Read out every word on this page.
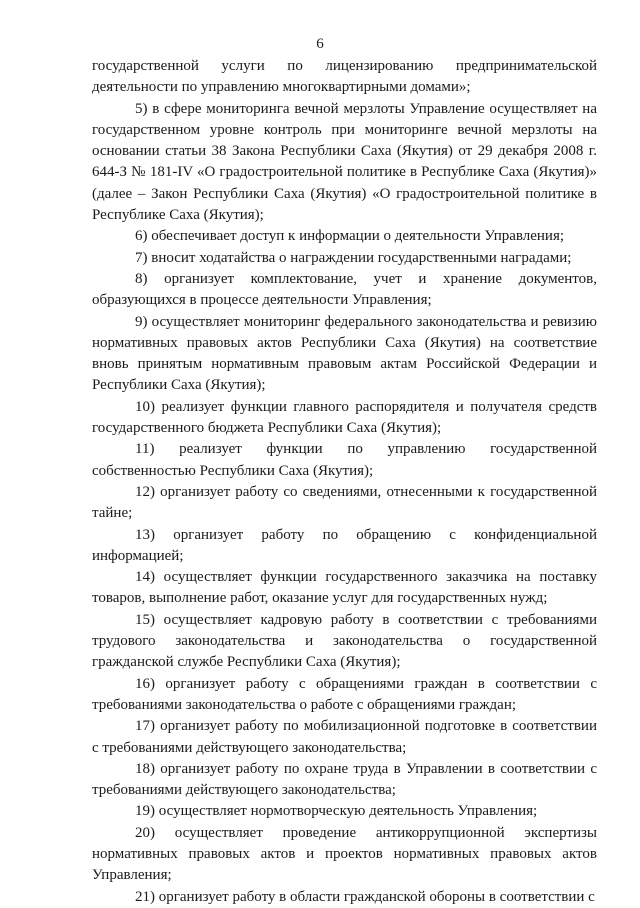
6

государственной услуги по лицензированию предпринимательской деятельности по управлению многоквартирными домами»;

5) в сфере мониторинга вечной мерзлоты Управление осуществляет на государственном уровне контроль при мониторинге вечной мерзлоты на основании статьи 38 Закона Республики Саха (Якутия) от 29 декабря 2008 г. 644-З № 181-IV «О градостроительной политике в Республике Саха (Якутия)» (далее – Закон Республики Саха (Якутия) «О градостроительной политике в Республике Саха (Якутия);

6) обеспечивает доступ к информации о деятельности Управления;

7) вносит ходатайства о награждении государственными наградами;

8) организует комплектование, учет и хранение документов, образующихся в процессе деятельности Управления;

9) осуществляет мониторинг федерального законодательства и ревизию нормативных правовых актов Республики Саха (Якутия) на соответствие вновь принятым нормативным правовым актам Российской Федерации и Республики Саха (Якутия);

10) реализует функции главного распорядителя и получателя средств государственного бюджета Республики Саха (Якутия);

11) реализует функции по управлению государственной собственностью Республики Саха (Якутия);

12) организует работу со сведениями, отнесенными к государственной тайне;

13) организует работу по обращению с конфиденциальной информацией;

14) осуществляет функции государственного заказчика на поставку товаров, выполнение работ, оказание услуг для государственных нужд;

15) осуществляет кадровую работу в соответствии с требованиями трудового законодательства и законодательства о государственной гражданской службе Республики Саха (Якутия);

16) организует работу с обращениями граждан в соответствии с требованиями законодательства о работе с обращениями граждан;

17) организует работу по мобилизационной подготовке в соответствии с требованиями действующего законодательства;

18) организует работу по охране труда в Управлении в соответствии с требованиями действующего законодательства;

19) осуществляет нормотворческую деятельность Управления;

20) осуществляет проведение антикоррупционной экспертизы нормативных правовых актов и проектов нормативных правовых актов Управления;

21) организует работу в области гражданской обороны в соответствии с
